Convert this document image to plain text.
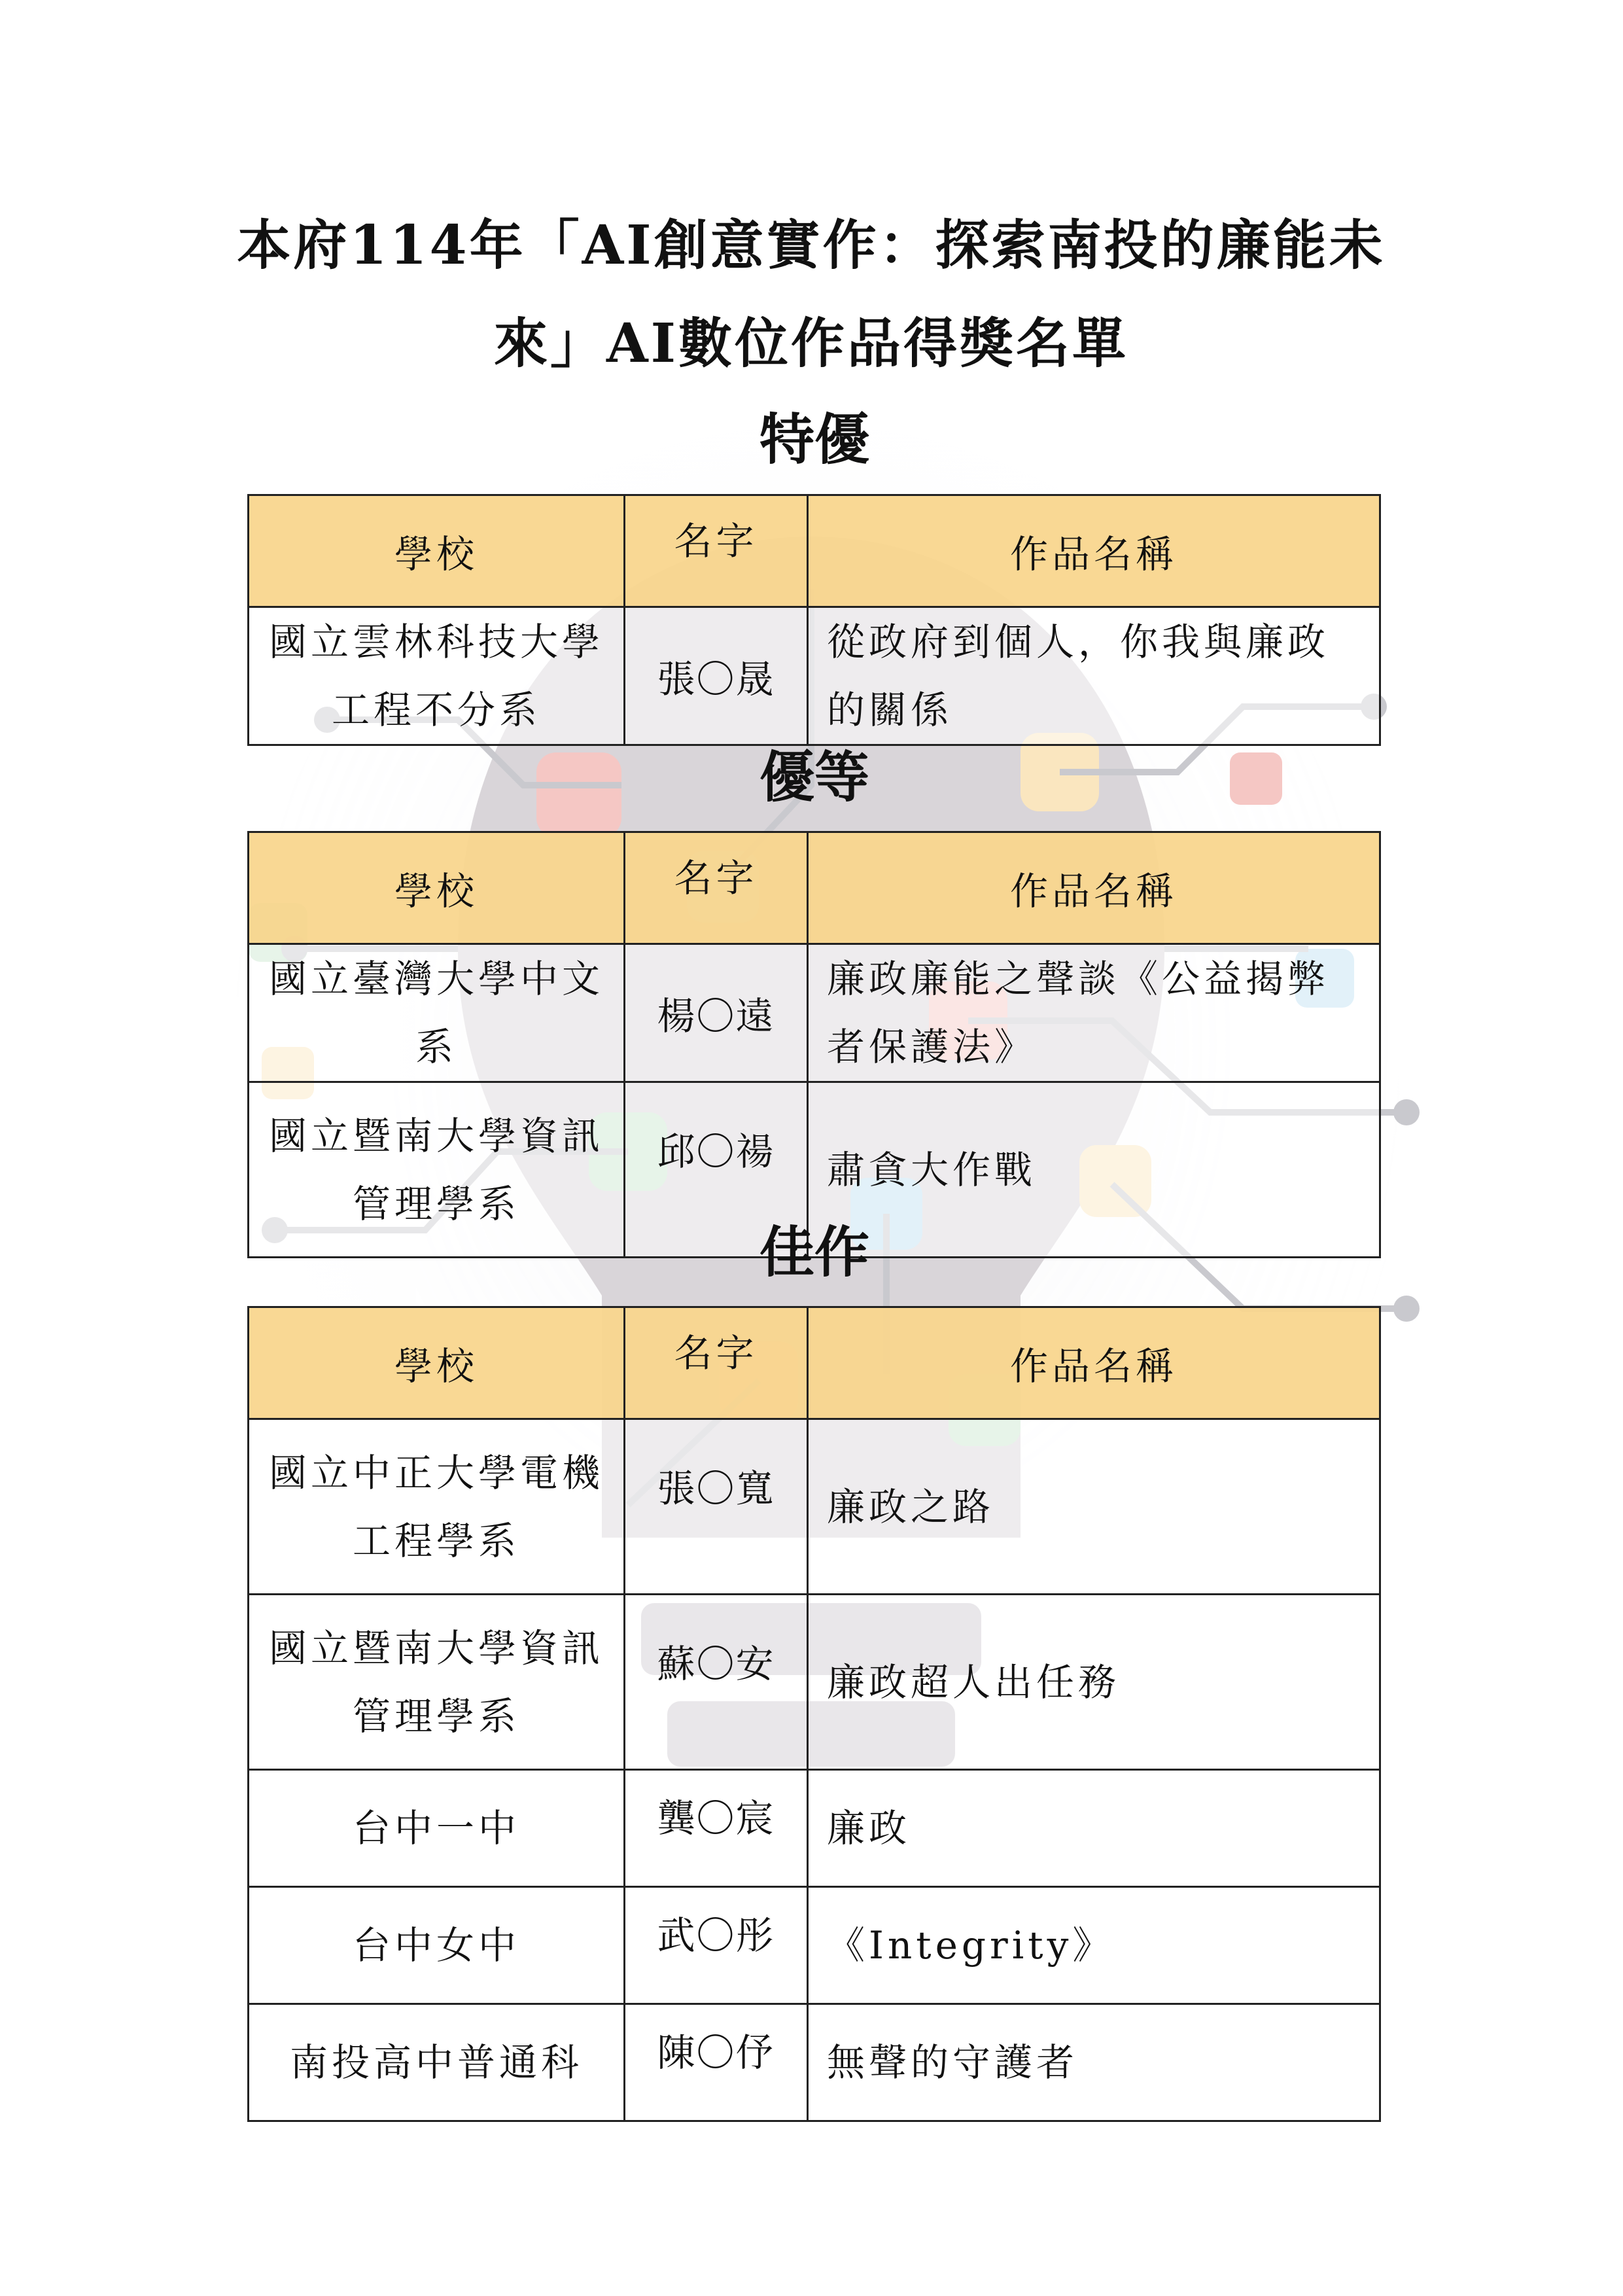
本府114年「AI創意實作：探索南投的廉能未
來」AI數位作品得獎名單
特優
學校	名字	作品名稱
國立雲林科技大學工程不分系	張〇晟	從政府到個人，你我與廉政的關係
優等
學校	名字	作品名稱
國立臺灣大學中文系	楊〇遠	廉政廉能之聲談《公益揭弊者保護法》
國立暨南大學資訊管理學系	邱〇禓	肅貪大作戰
佳作
學校	名字	作品名稱
國立中正大學電機工程學系	張〇寬	廉政之路
國立暨南大學資訊管理學系	蘇〇安	廉政超人出任務
台中一中	龔〇宸	廉政
台中女中	武〇彤	《Integrity》
南投高中普通科	陳〇伃	無聲的守護者
